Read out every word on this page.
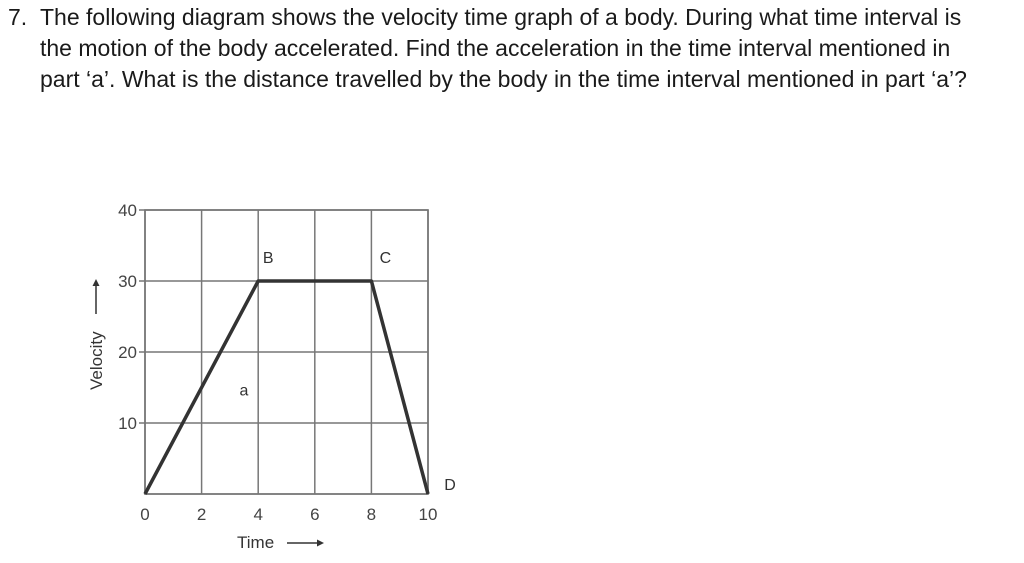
7. The following diagram shows the velocity time graph of a body. During what time interval is the motion of the body accelerated. Find the acceleration in the time interval mentioned in part ‘a’. What is the distance travelled by the body in the time interval mentioned in part ‘a’?
10
20
30
40
0	2	4	6	8 10
a
B	C
D
Velocity
Time
